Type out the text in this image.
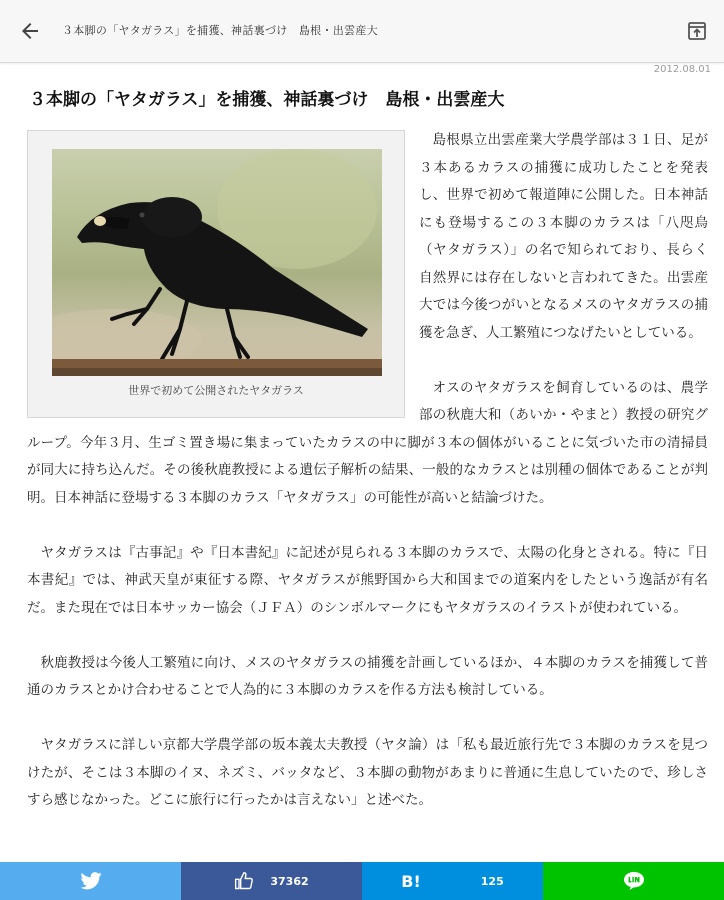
３本脚の「ヤタガラス」を捕獲、神話裏づけ　島根・出雲産大
2012.08.01
３本脚の「ヤタガラス」を捕獲、神話裏づけ　島根・出雲産大
世界で初めて公開されたヤタガラス

島根県立出雲産業大学農学部は３１日、足が３本あるカラスの捕獲に成功したことを発表し、世界で初めて報道陣に公開した。日本神話にも登場するこの３本脚のカラスは「八咫烏（ヤタガラス）」の名で知られており、長らく自然界には存在しないと言われてきた。出雲産大では今後つがいとなるメスのヤタガラスの捕獲を急ぎ、人工繁殖につなげたいとしている。

オスのヤタガラスを飼育しているのは、農学部の秋鹿大和（あいか・やまと）教授の研究グループ。今年３月、生ゴミ置き場に集まっていたカラスの中に脚が３本の個体がいることに気づいた市の清掃員が同大に持ち込んだ。その後秋鹿教授による遺伝子解析の結果、一般的なカラスとは別種の個体であることが判明。日本神話に登場する３本脚のカラス「ヤタガラス」の可能性が高いと結論づけた。

ヤタガラスは『古事記』や『日本書紀』に記述が見られる３本脚のカラスで、太陽の化身とされる。特に『日本書紀』では、神武天皇が東征する際、ヤタガラスが熊野国から大和国までの道案内をしたという逸話が有名だ。また現在では日本サッカー協会（ＪＦＡ）のシンボルマークにもヤタガラスのイラストが使われている。

秋鹿教授は今後人工繁殖に向け、メスのヤタガラスの捕獲を計画しているほか、４本脚のカラスを捕獲して普通のカラスとかけ合わせることで人為的に３本脚のカラスを作る方法も検討している。

ヤタガラスに詳しい京都大学農学部の坂本義太夫教授（ヤタ論）は「私も最近旅行先で３本脚のカラスを見つけたが、そこは３本脚のイヌ、ネズミ、バッタなど、３本脚の動物があまりに普通に生息していたので、珍しさすら感じなかった。どこに旅行に行ったかは言えない」と述べた。

37362	B!	125
